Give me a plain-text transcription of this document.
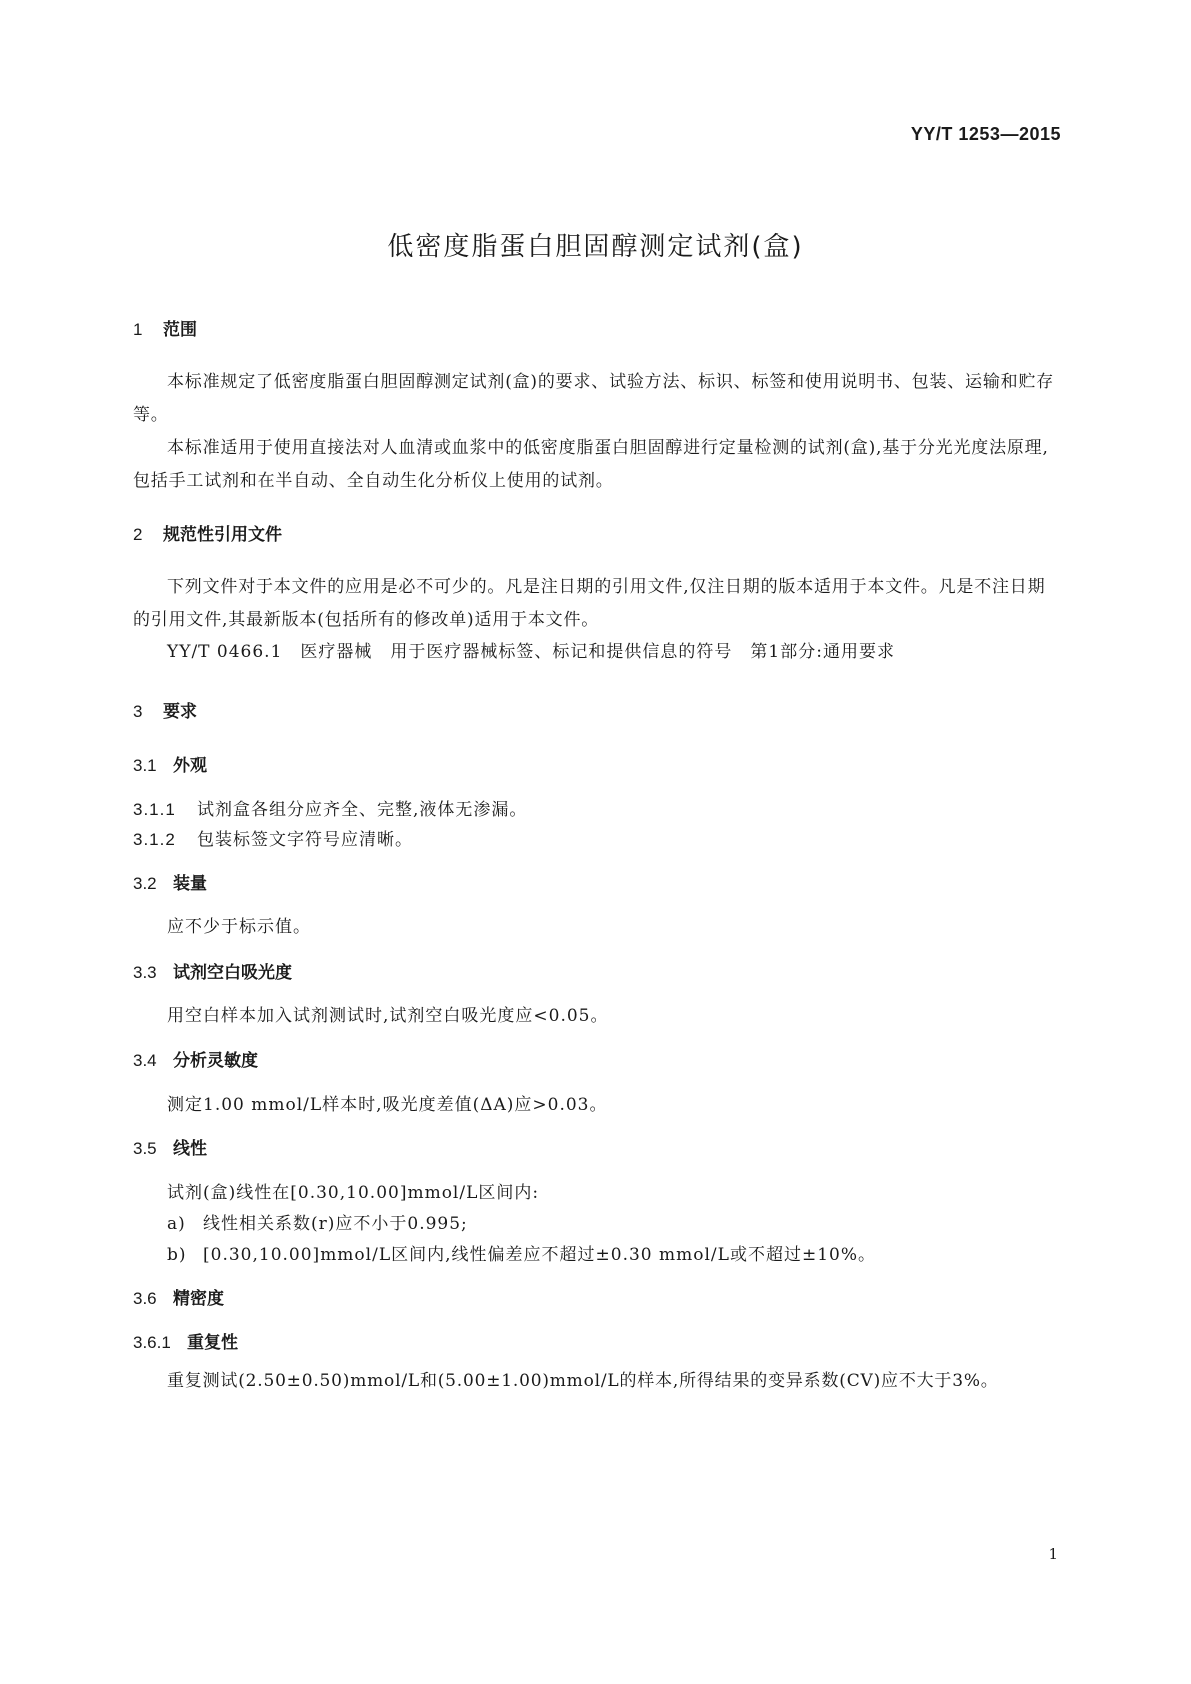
YY/T 1253—2015
低密度脂蛋白胆固醇测定试剂(盒)
1 范围
本标准规定了低密度脂蛋白胆固醇测定试剂(盒)的要求、试验方法、标识、标签和使用说明书、包装、运输和贮存等。
本标准适用于使用直接法对人血清或血浆中的低密度脂蛋白胆固醇进行定量检测的试剂(盒),基于分光光度法原理,包括手工试剂和在半自动、全自动生化分析仪上使用的试剂。
2 规范性引用文件
下列文件对于本文件的应用是必不可少的。凡是注日期的引用文件,仅注日期的版本适用于本文件。凡是不注日期的引用文件,其最新版本(包括所有的修改单)适用于本文件。
YY/T 0466.1　医疗器械　用于医疗器械标签、标记和提供信息的符号　第1部分:通用要求
3 要求
3.1 外观
3.1.1 试剂盒各组分应齐全、完整,液体无渗漏。
3.1.2 包装标签文字符号应清晰。
3.2 装量
应不少于标示值。
3.3 试剂空白吸光度
用空白样本加入试剂测试时,试剂空白吸光度应<0.05。
3.4 分析灵敏度
测定1.00 mmol/L样本时,吸光度差值(ΔA)应>0.03。
3.5 线性
试剂(盒)线性在[0.30,10.00]mmol/L区间内:
a) 线性相关系数(r)应不小于0.995;
b) [0.30,10.00]mmol/L区间内,线性偏差应不超过±0.30 mmol/L或不超过±10%。
3.6 精密度
3.6.1 重复性
重复测试(2.50±0.50)mmol/L和(5.00±1.00)mmol/L的样本,所得结果的变异系数(CV)应不大于3%。
1
